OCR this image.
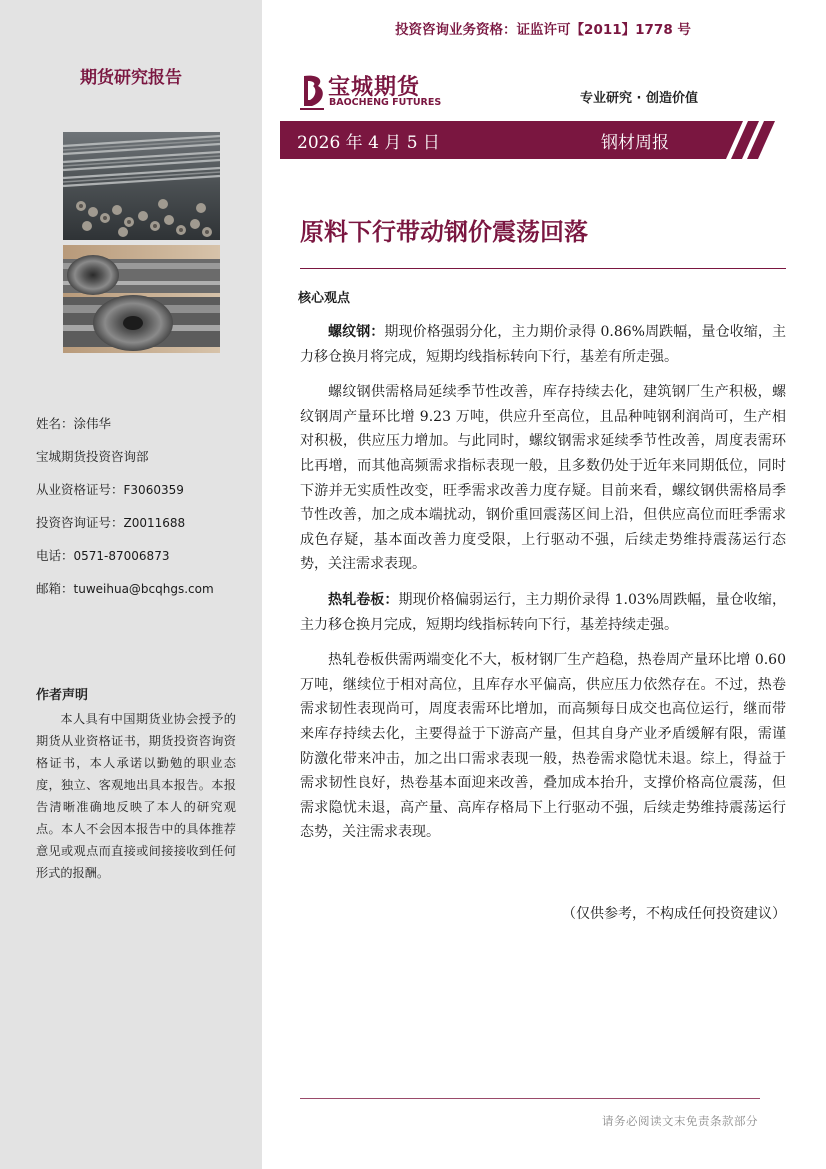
期货研究报告
姓名：涂伟华
宝城期货投资咨询部
从业资格证号：F3060359
投资咨询证号：Z0011688
电话：0571-87006873
邮箱：tuweihua@bcqhgs.com
作者声明
本人具有中国期货业协会授予的期货从业资格证书，期货投资咨询资格证书，本人承诺以勤勉的职业态度，独立、客观地出具本报告。本报告清晰准确地反映了本人的研究观点。本人不会因本报告中的具体推荐意见或观点而直接或间接接收到任何形式的报酬。
投资咨询业务资格：证监许可【2011】1778 号
宝城期货
BAOCHENG FUTURES	专业研究 · 创造价值
2026 年 4 月 5 日	钢材周报
原料下行带动钢价震荡回落
核心观点

螺纹钢：期现价格强弱分化，主力期价录得 0.86%周跌幅，量仓收缩，主力移仓换月将完成，短期均线指标转向下行，基差有所走强。

螺纹钢供需格局延续季节性改善，库存持续去化，建筑钢厂生产积极，螺纹钢周产量环比增 9.23 万吨，供应升至高位，且品种吨钢利润尚可，生产相对积极，供应压力增加。与此同时，螺纹钢需求延续季节性改善，周度表需环比再增，而其他高频需求指标表现一般，且多数仍处于近年来同期低位，同时下游并无实质性改变，旺季需求改善力度存疑。目前来看，螺纹钢供需格局季节性改善，加之成本端扰动，钢价重回震荡区间上沿，但供应高位而旺季需求成色存疑，基本面改善力度受限，上行驱动不强，后续走势维持震荡运行态势，关注需求表现。

热轧卷板：期现价格偏弱运行，主力期价录得 1.03%周跌幅，量仓收缩，主力移仓换月完成，短期均线指标转向下行，基差持续走强。

热轧卷板供需两端变化不大，板材钢厂生产趋稳，热卷周产量环比增 0.60 万吨，继续位于相对高位，且库存水平偏高，供应压力依然存在。不过，热卷需求韧性表现尚可，周度表需环比增加，而高频每日成交也高位运行，继而带来库存持续去化，主要得益于下游高产量，但其自身产业矛盾缓解有限，需谨防激化带来冲击，加之出口需求表现一般，热卷需求隐忧未退。综上，得益于需求韧性良好，热卷基本面迎来改善，叠加成本抬升，支撑价格高位震荡，但需求隐忧未退，高产量、高库存格局下上行驱动不强，后续走势维持震荡运行态势，关注需求表现。

（仅供参考，不构成任何投资建议）
请务必阅读文末免责条款部分
